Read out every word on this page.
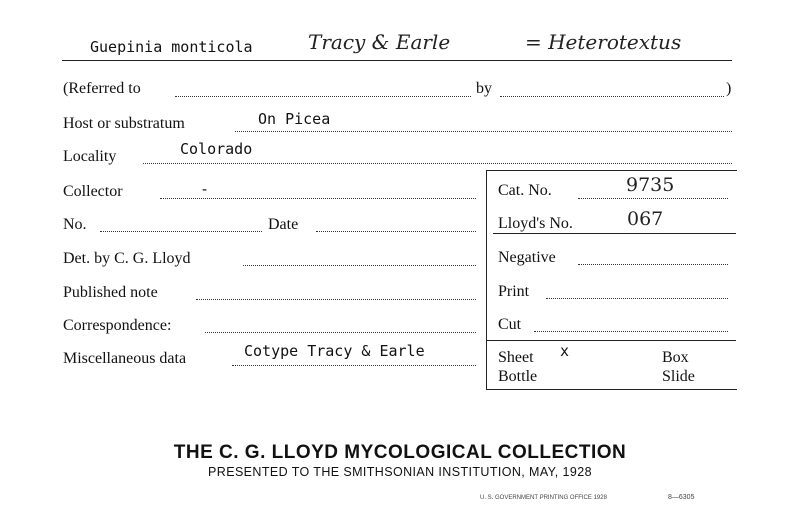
Guepinia monticola	Tracy & Earle	= Heterotextus
(Referred to	by	)
Host or substratum	On Picea
Locality	Colorado
Collector	-
No.	Date
Det. by C. G. Lloyd
Published note
Correspondence:
Miscellaneous data	Cotype Tracy & Earle
Cat. No.	9735
Lloyd's No.	067
Negative
Print
Cut
Sheet x	Box
Bottle	Slide
THE C. G. LLOYD MYCOLOGICAL COLLECTION
PRESENTED TO THE SMITHSONIAN INSTITUTION, MAY, 1928
U. S. GOVERNMENT PRINTING OFFICE 1928	8—6305
